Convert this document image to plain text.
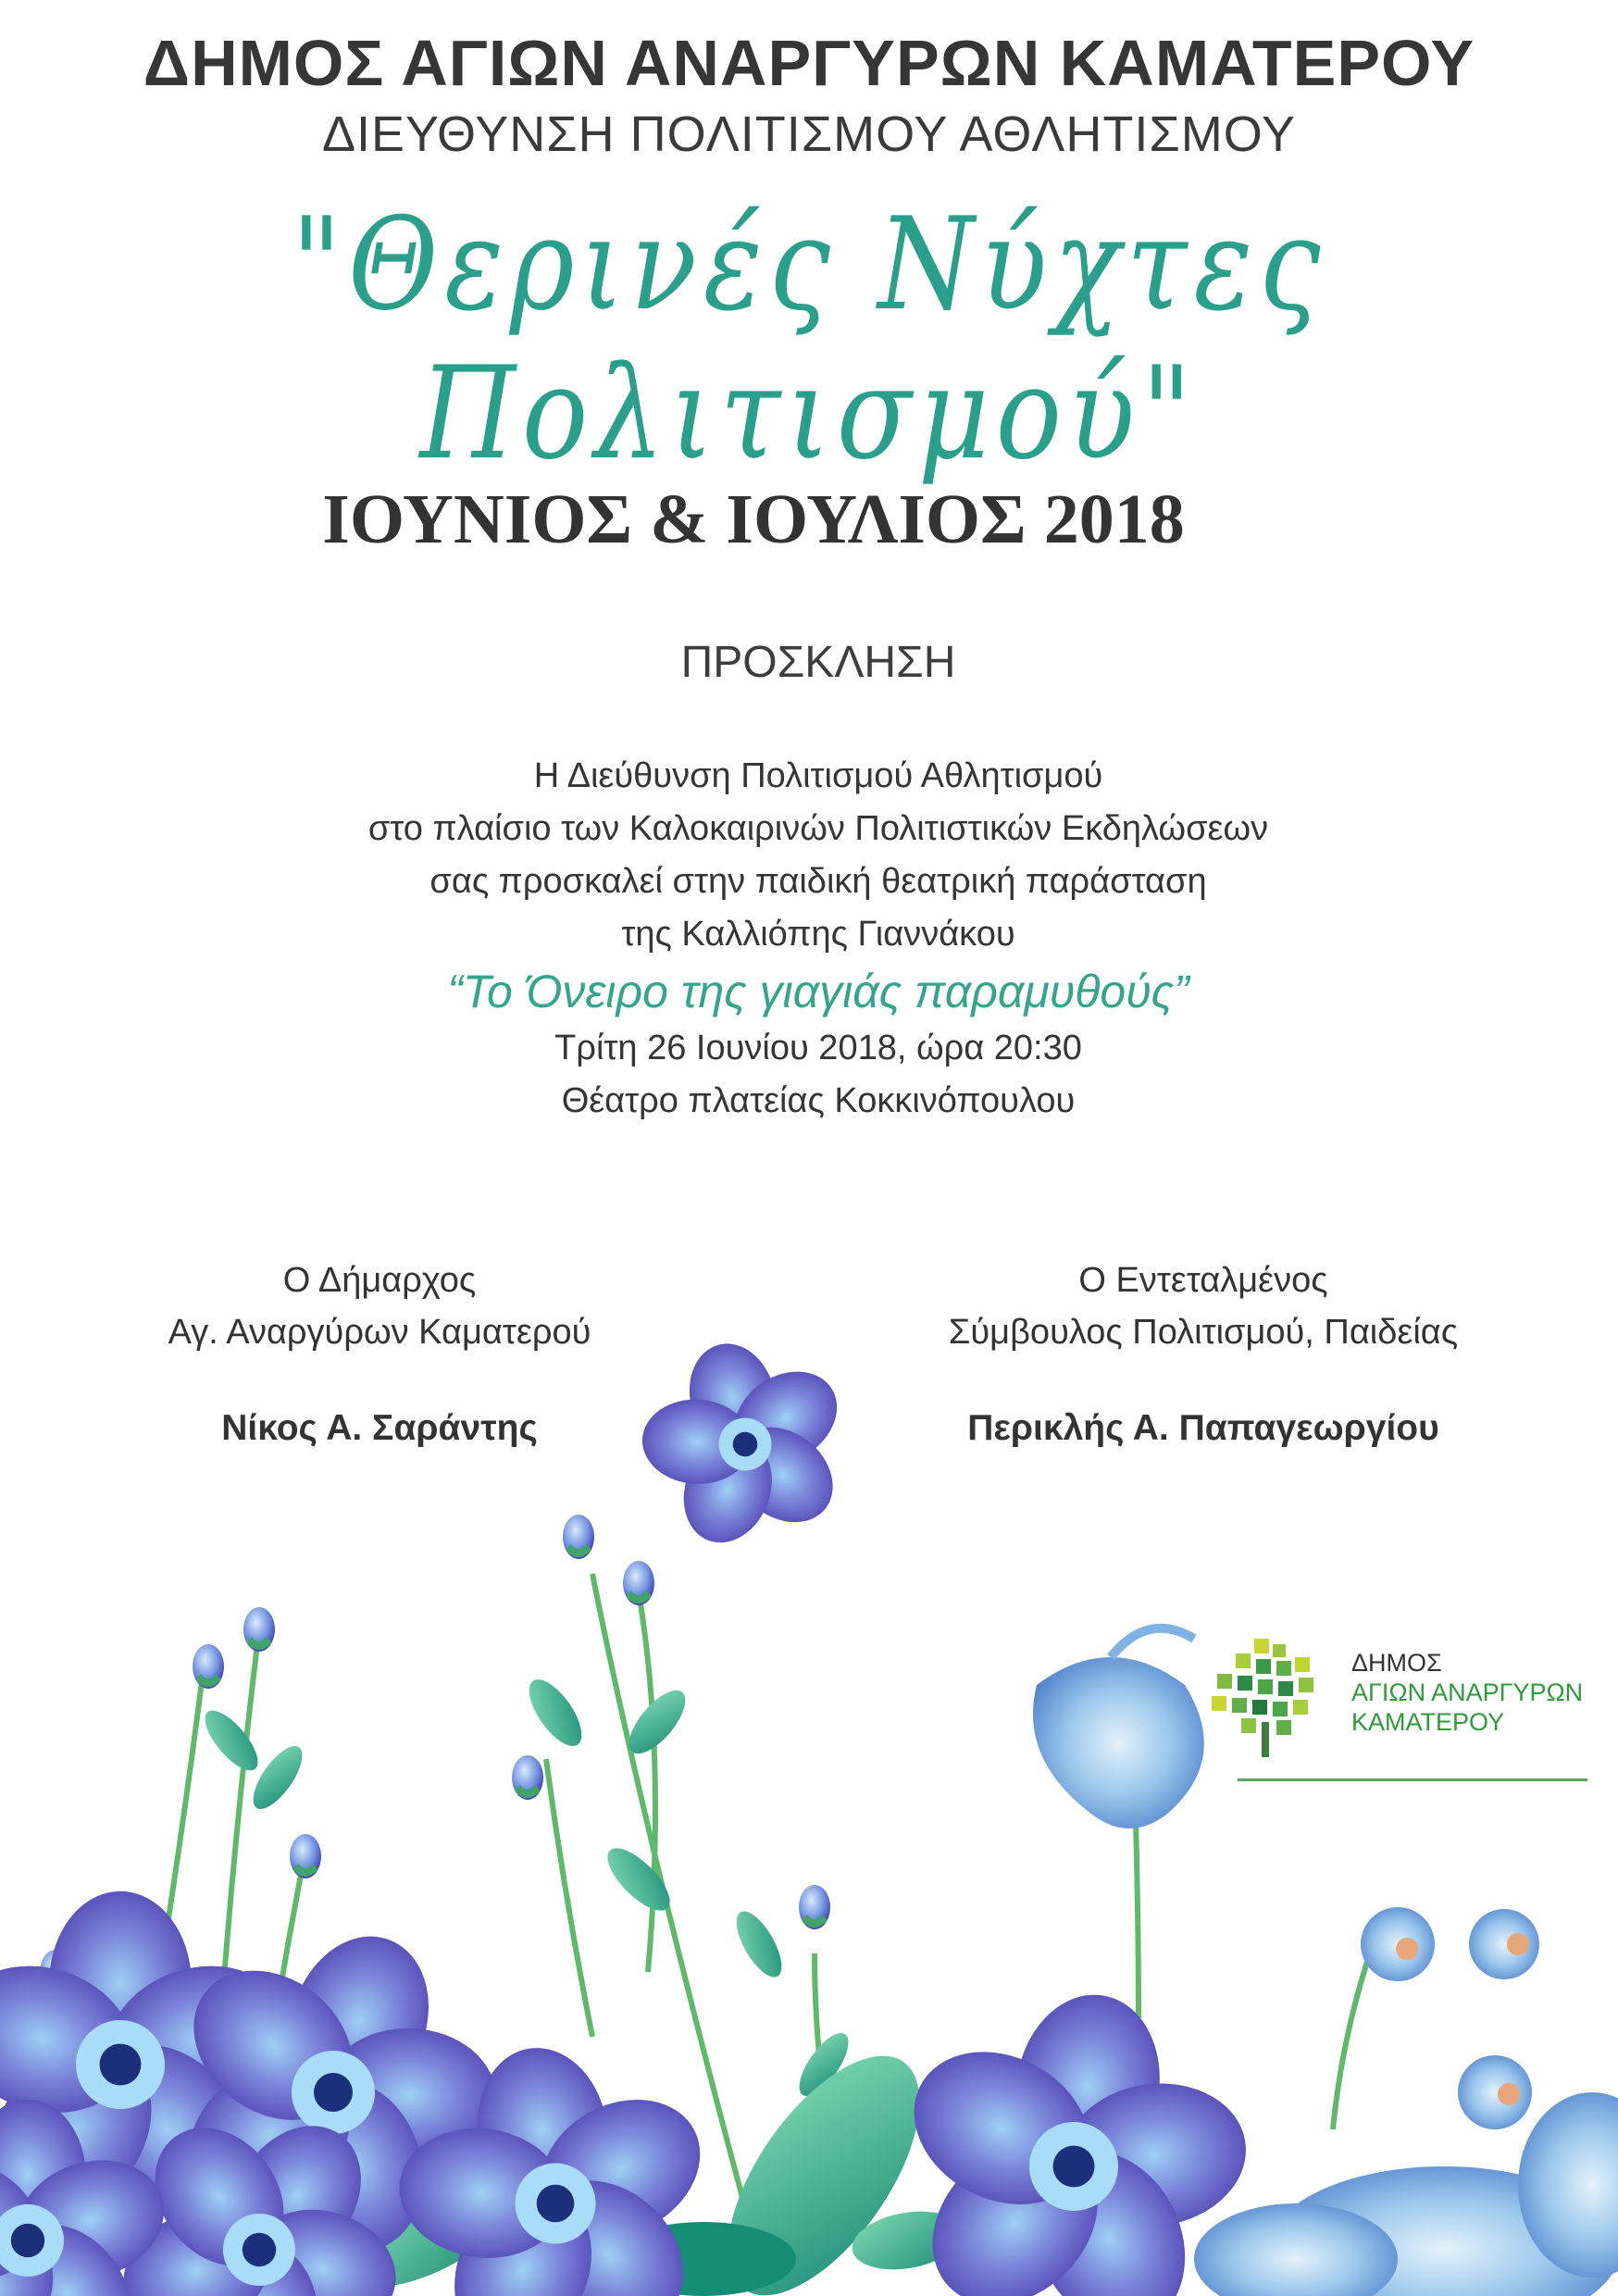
ΔΗΜΟΣ ΑΓΙΩΝ ΑΝΑΡΓΥΡΩΝ ΚΑΜΑΤΕΡΟΥ
ΔΙΕΥΘΥΝΣΗ ΠΟΛΙΤΙΣΜΟΥ ΑΘΛΗΤΙΣΜΟΥ
"Θερινές Νύχτες Πολιτισμού"
ΙΟΥΝΙΟΣ & ΙΟΥΛΙΟΣ 2018
ΠΡΟΣΚΛΗΣΗ
Η Διεύθυνση Πολιτισμού Αθλητισμού
στο πλαίσιο των Καλοκαιρινών Πολιτιστικών Εκδηλώσεων
σας προσκαλεί στην παιδική θεατρική παράσταση
της Καλλιόπης Γιαννάκου
“Το Όνειρο της γιαγιάς παραμυθούς”
Τρίτη 26 Ιουνίου 2018, ώρα 20:30
Θέατρο πλατείας Κοκκινόπουλου
Ο Δήμαρχος
Αγ. Αναργύρων Καματερού
Νίκος Α. Σαράντης
Ο Εντεταλμένος
Σύμβουλος Πολιτισμού, Παιδείας
Περικλής Α. Παπαγεωργίου
ΔΗΜΟΣ
ΑΓΙΩΝ ΑΝΑΡΓΥΡΩΝ
ΚΑΜΑΤΕΡΟΥ
